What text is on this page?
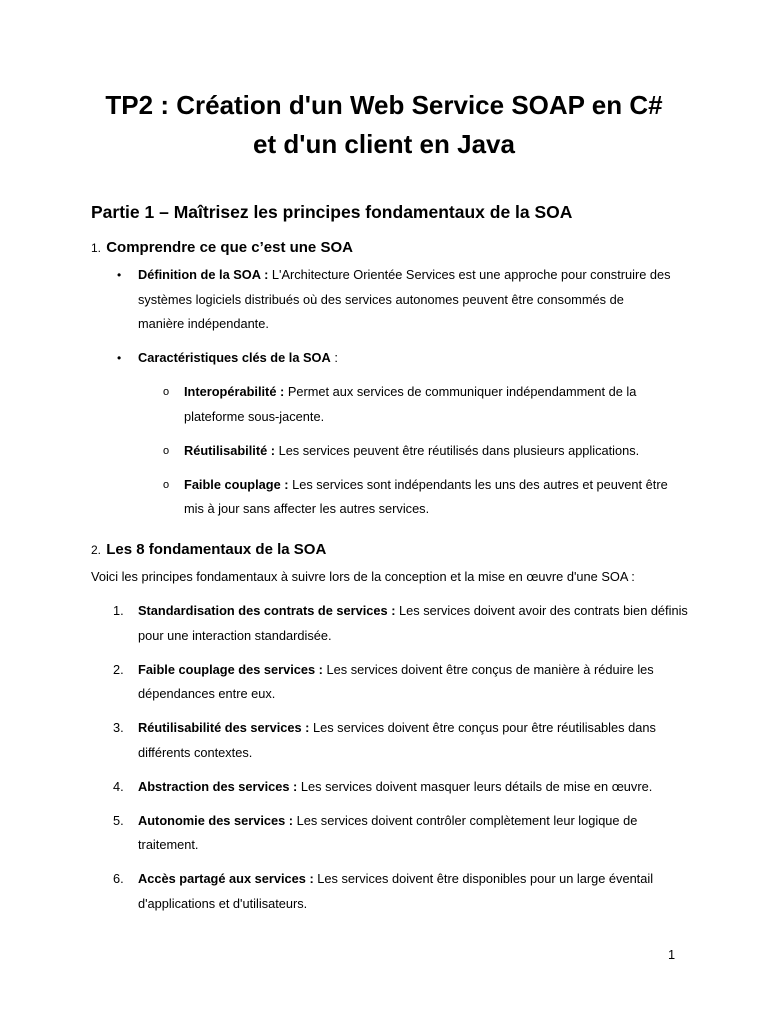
TP2 : Création d'un Web Service SOAP en C#
et d'un client en Java
Partie 1 – Maîtrisez les principes fondamentaux de la SOA
1. Comprendre ce que c’est une SOA
• Définition de la SOA : L'Architecture Orientée Services est une approche pour construire des
systèmes logiciels distribués où des services autonomes peuvent être consommés de
manière indépendante.

• Caractéristiques clés de la SOA :

o Interopérabilité : Permet aux services de communiquer indépendamment de la
plateforme sous-jacente.

o Réutilisabilité : Les services peuvent être réutilisés dans plusieurs applications.

o Faible couplage : Les services sont indépendants les uns des autres et peuvent être
mis à jour sans affecter les autres services.

2. Les 8 fondamentaux de la SOA

Voici les principes fondamentaux à suivre lors de la conception et la mise en œuvre d'une SOA :

1. Standardisation des contrats de services : Les services doivent avoir des contrats bien définis
pour une interaction standardisée.

2. Faible couplage des services : Les services doivent être conçus de manière à réduire les
dépendances entre eux.

3. Réutilisabilité des services : Les services doivent être conçus pour être réutilisables dans
différents contextes.

4. Abstraction des services : Les services doivent masquer leurs détails de mise en œuvre.

5. Autonomie des services : Les services doivent contrôler complètement leur logique de
traitement.

6. Accès partagé aux services : Les services doivent être disponibles pour un large éventail
d'applications et d'utilisateurs.

1
